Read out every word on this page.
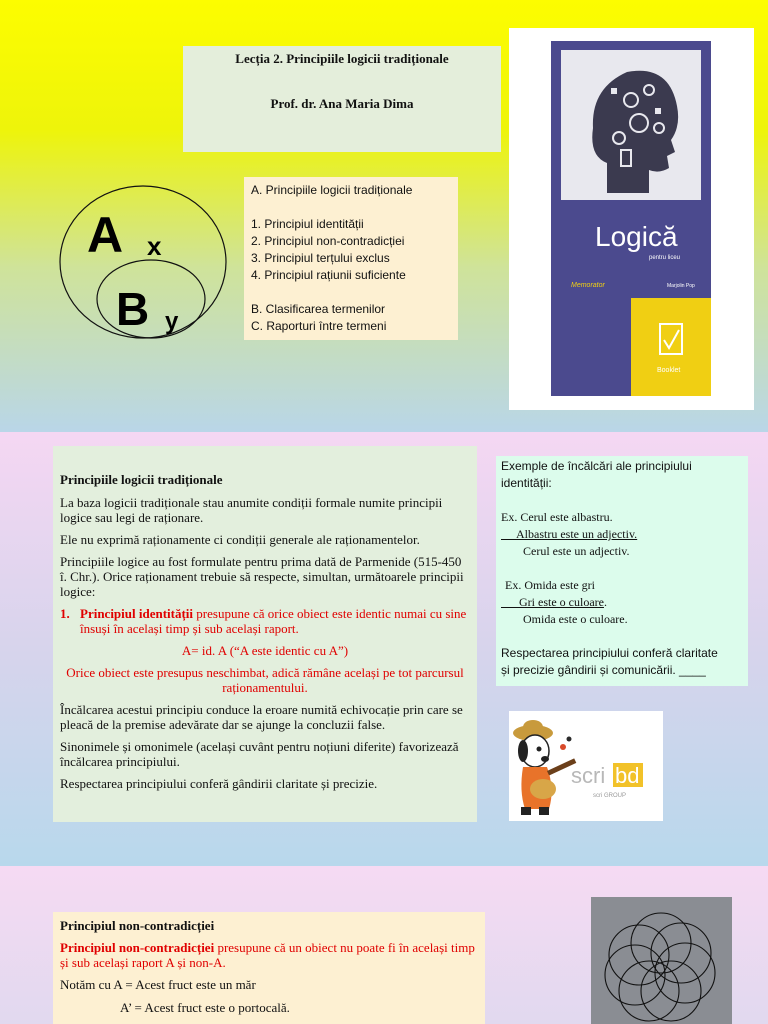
Lecția 2. Principiile logicii tradiționale
Prof. dr. Ana Maria Dima
A x
B y

A. Principiile logicii tradiționale

1. Principiul identității

2. Principiul non-contradicției

3. Principiul terțului exclus

4. Principiul rațiunii suficiente

B. Clasificarea termenilor

C. Raporturi între termeni

Logică
pentru liceu
Memorator	Marjolin Pop
Booklet

Principiile logicii tradiționale

La baza logicii tradiționale stau anumite condiții formale numite principii logice sau legi de raționare.

Ele nu exprimă raționamente ci condiții generale ale raționamentelor.

Principiile logice au fost formulate pentru prima dată de Parmenide (515-450 î. Chr.). Orice raționament trebuie să respecte, simultan, următoarele principii logice:

1. Principiul identității presupune că orice obiect este identic numai cu sine însuși în același timp și sub același raport.

A= id. A (“A este identic cu A”)

Orice obiect este presupus neschimbat, adică rămâne același pe tot parcursul raționamentului.

Încălcarea acestui principiu conduce la eroare numită echivocație prin care se pleacă de la premise adevărate dar se ajunge la concluzii false.

Sinonimele și omonimele (același cuvânt pentru noțiuni diferite) favorizează încălcarea principiului.

Respectarea principiului conferă gândirii claritate și precizie.

Exemple de încălcări ale principiului

identității:

Ex. Cerul este albastru.

Albastru este un adjectiv.

Cerul este un adjectiv.

Ex. Omida este gri

Gri este o culoare.

Omida este o culoare.

Respectarea principiului conferă claritate

și precizie gândirii și comunicării. ____

scri bd
scri GROUP

Principiul non-contradicției

Principiul non-contradicției presupune că un obiect nu poate fi în același timp și sub același raport A și non-A.

Notăm cu A = Acest fruct este un măr

A’ = Acest fruct este o portocală.
